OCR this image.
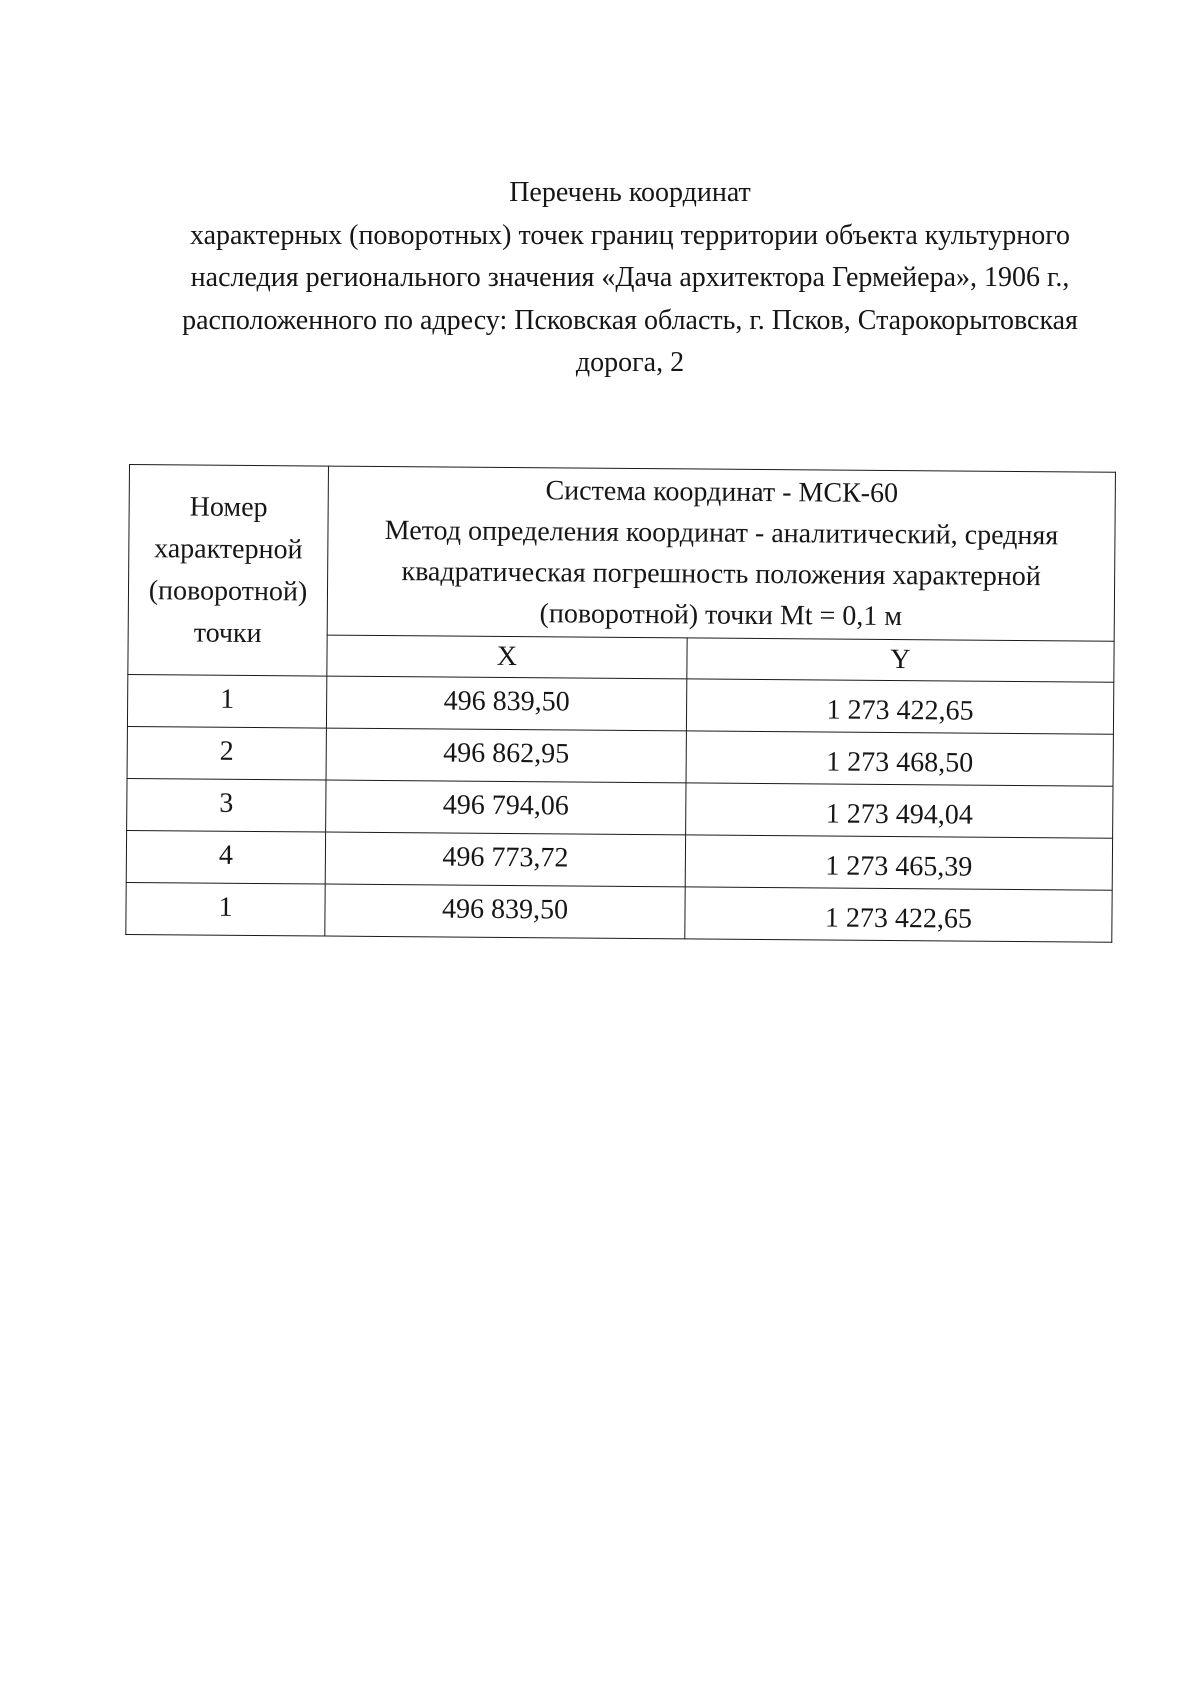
Перечень координат
характерных (поворотных) точек границ территории объекта культурного
наследия регионального значения «Дача архитектора Гермейера», 1906 г.,
расположенного по адресу: Псковская область, г. Псков, Старокорытовская
дорога, 2
Номер
характерной
(поворотной)
точки	Система координат - МСК-60
Метод определения координат - аналитический, средняя
квадратическая погрешность положения характерной
(поворотной) точки Mt = 0,1 м	

	X	Y
1	496 839,50	1 273 422,65
2	496 862,95	1 273 468,50
3	496 794,06	1 273 494,04
4	496 773,72	1 273 465,39
1	496 839,50	1 273 422,65
